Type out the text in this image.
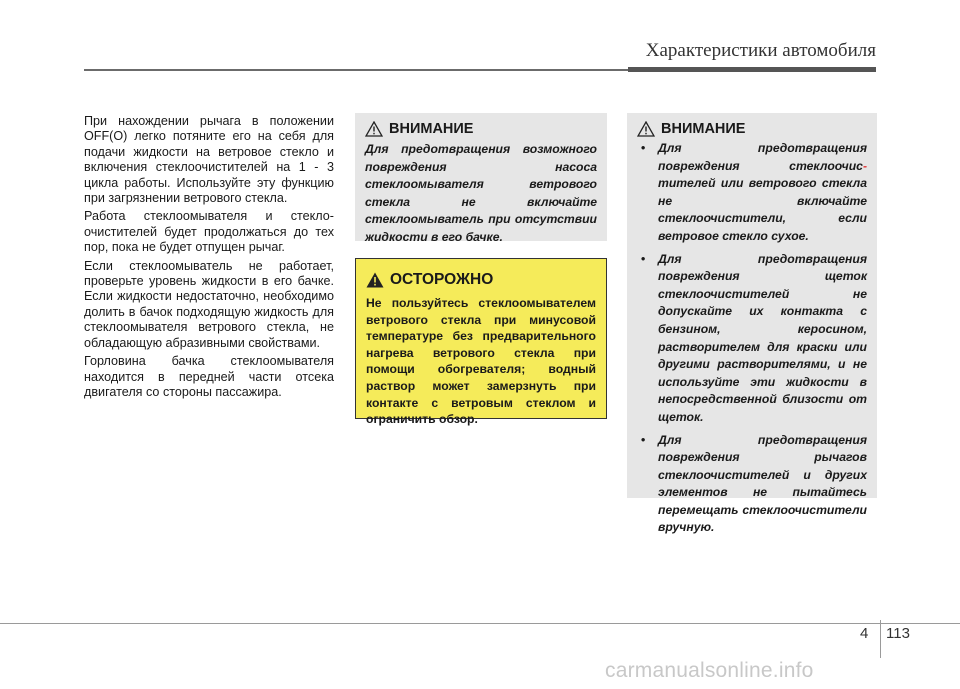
Характеристики автомобиля

При нахождении рычага в положении OFF(O) легко потяните его на себя для подачи жидкости на ветровое стекло и включения стеклоочистителей на 1 - 3 цикла работы. Используйте эту функцию при загрязнении ветрового стекла.

Работа стеклоомывателя и стекло-очистителей будет продолжаться до тех пор, пока не будет отпущен рычаг.

Если стеклоомыватель не работает, проверьте уровень жидкости в его бачке. Если жидкости недостаточно, необходимо долить в бачок подходящую жидкость для стеклоомывателя ветрового стекла, не обладающую абразивными свойствами.

Горловина бачка стеклоомывателя находится в передней части отсека двигателя со стороны пассажира.

ВНИМАНИЕ
Для предотвращения возможного повреждения насоса стеклоомывателя ветрового стекла не включайте стеклоомыватель при отсутствии жидкости в его бачке.
ОСТОРОЖНО
Не пользуйтесь стеклоомывателем ветрового стекла при минусовой температуре без предварительного нагрева ветрового стекла при помощи обогревателя; водный раствор может замерзнуть при контакте с ветровым стеклом и ограничить обзор.
ВНИМАНИЕ
• Для предотвращения повреждения стеклоочис-тителей или ветрового стекла не включайте стеклоочистители, если ветровое стекло сухое.
• Для предотвращения повреждения щеток стеклоочистителей не допускайте их контакта с бензином, керосином, растворителем для краски или другими растворителями, и не используйте эти жидкости в непосредственной близости от щеток.
• Для предотвращения повреждения рычагов стеклоочистителей и других элементов не пытайтесь перемещать стеклоочистители вручную.
4 113
carmanualsonline.info
